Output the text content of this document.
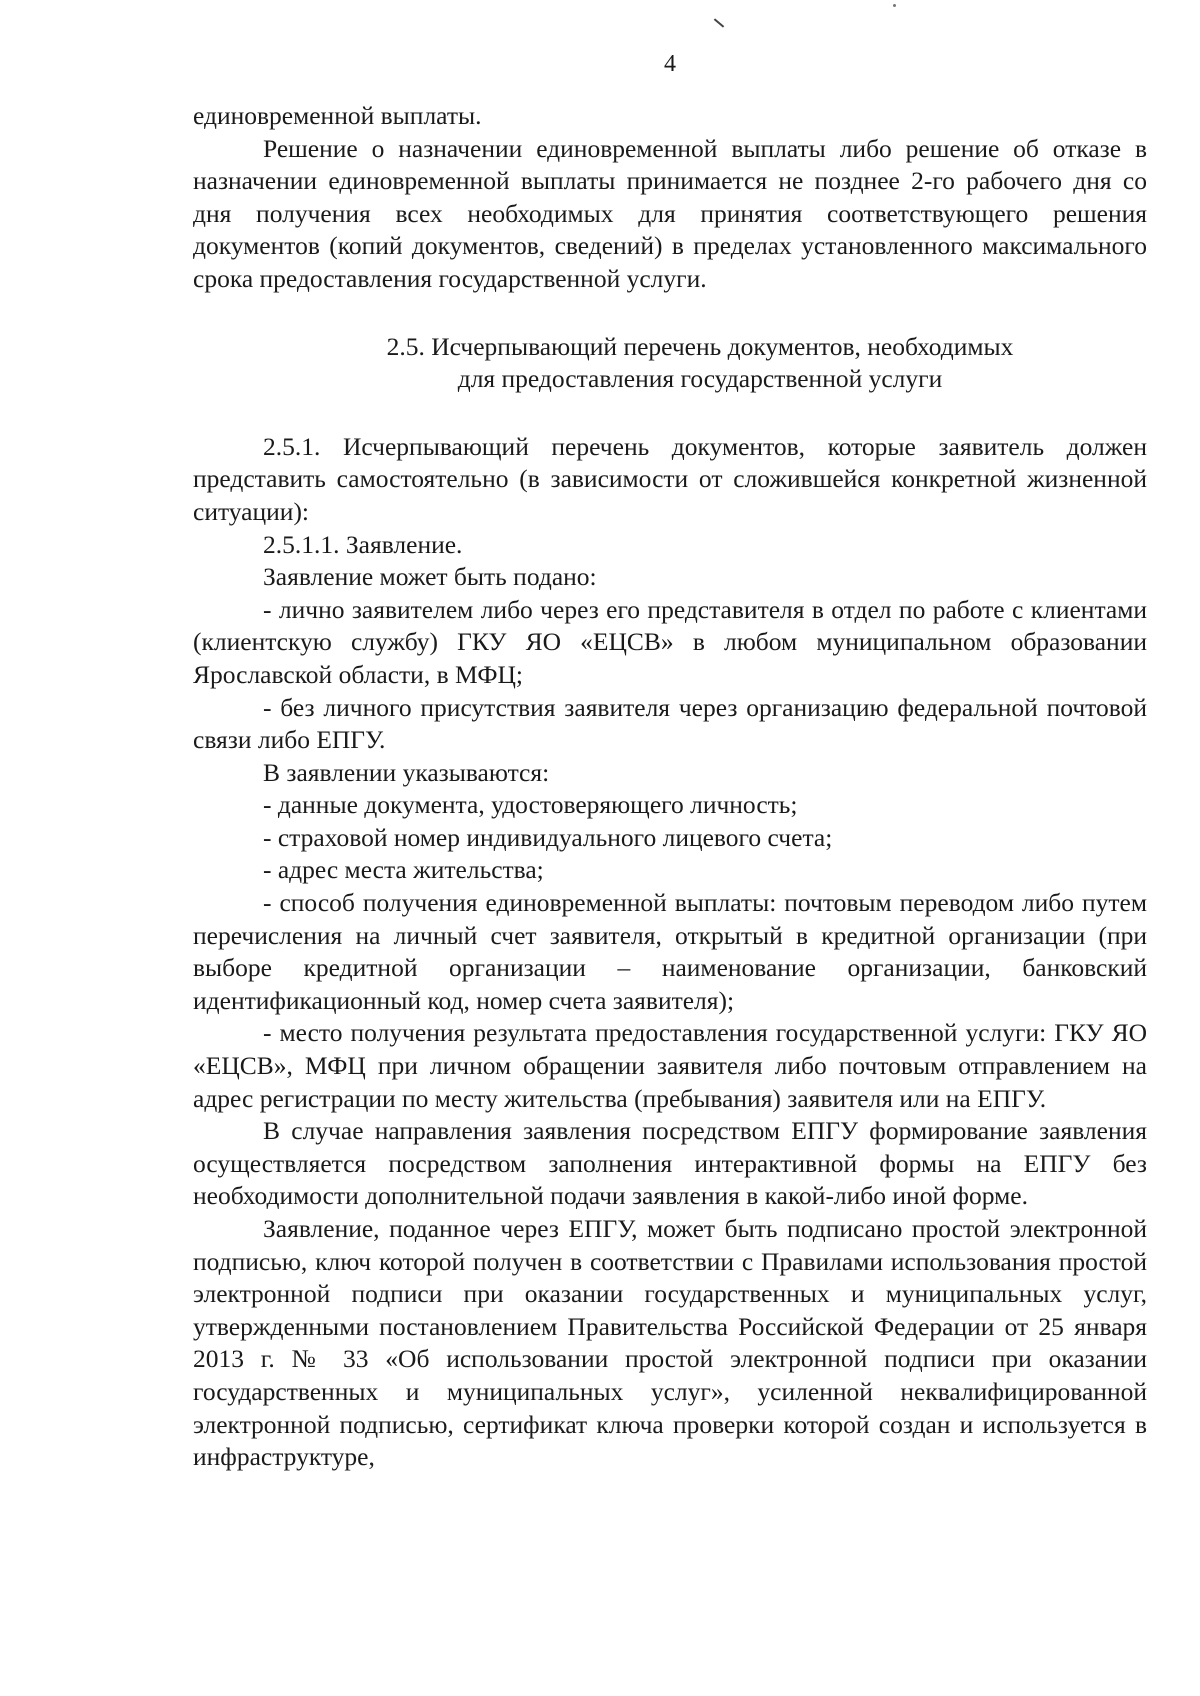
4

единовременной выплаты.

Решение о назначении единовременной выплаты либо решение об отказе в назначении единовременной выплаты принимается не позднее 2-го рабочего дня со дня получения всех необходимых для принятия соответствующего решения документов (копий документов, сведений) в пределах установленного максимального срока предоставления государственной услуги.

2.5. Исчерпывающий перечень документов, необходимых
для предоставления государственной услуги

2.5.1. Исчерпывающий перечень документов, которые заявитель должен представить самостоятельно (в зависимости от сложившейся конкретной жизненной ситуации):

2.5.1.1. Заявление.

Заявление может быть подано:

- лично заявителем либо через его представителя в отдел по работе с клиентами (клиентскую службу) ГКУ ЯО «ЕЦСВ» в любом муниципальном образовании Ярославской области, в МФЦ;

- без личного присутствия заявителя через организацию федеральной почтовой связи либо ЕПГУ.

В заявлении указываются:

- данные документа, удостоверяющего личность;

- страховой номер индивидуального лицевого счета;

- адрес места жительства;

- способ получения единовременной выплаты: почтовым переводом либо путем перечисления на личный счет заявителя, открытый в кредитной организации (при выборе кредитной организации – наименование организации, банковский идентификационный код, номер счета заявителя);

- место получения результата предоставления государственной услуги: ГКУ ЯО «ЕЦСВ», МФЦ при личном обращении заявителя либо почтовым отправлением на адрес регистрации по месту жительства (пребывания) заявителя или на ЕПГУ.

В случае направления заявления посредством ЕПГУ формирование заявления осуществляется посредством заполнения интерактивной формы на ЕПГУ без необходимости дополнительной подачи заявления в какой-либо иной форме.

Заявление, поданное через ЕПГУ, может быть подписано простой электронной подписью, ключ которой получен в соответствии с Правилами использования простой электронной подписи при оказании государственных и муниципальных услуг, утвержденными постановлением Правительства Российской Федерации от 25 января 2013 г. № 33 «Об использовании простой электронной подписи при оказании государственных и муниципальных услуг», усиленной неквалифицированной электронной подписью, сертификат ключа проверки которой создан и используется в инфраструктуре,
